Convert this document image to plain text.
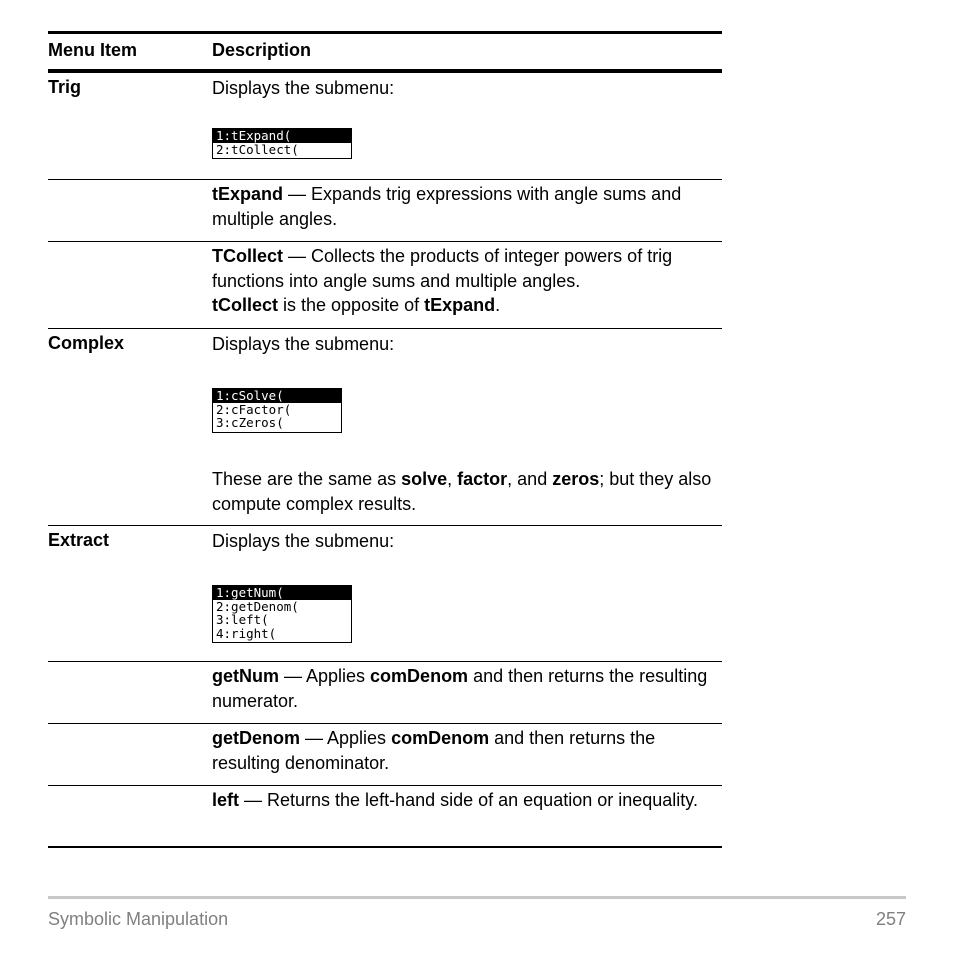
Menu Item	Description
Trig	Displays the submenu:

1:tExpand(
2:tCollect(

tExpand — Expands trig expressions with angle sums and multiple angles.

TCollect — Collects the products of integer powers of trig functions into angle sums and multiple angles.

tCollect is the opposite of tExpand.

Complex	Displays the submenu:

1:cSolve(
2:cFactor(
3:cZeros(

These are the same as solve, factor, and zeros; but they also compute complex results.

Extract	Displays the submenu:

1:getNum(
2:getDenom(
3:left(
4:right(

getNum — Applies comDenom and then returns the resulting numerator.

getDenom — Applies comDenom and then returns the resulting denominator.

left — Returns the left-hand side of an equation or inequality.

Symbolic Manipulation	257
